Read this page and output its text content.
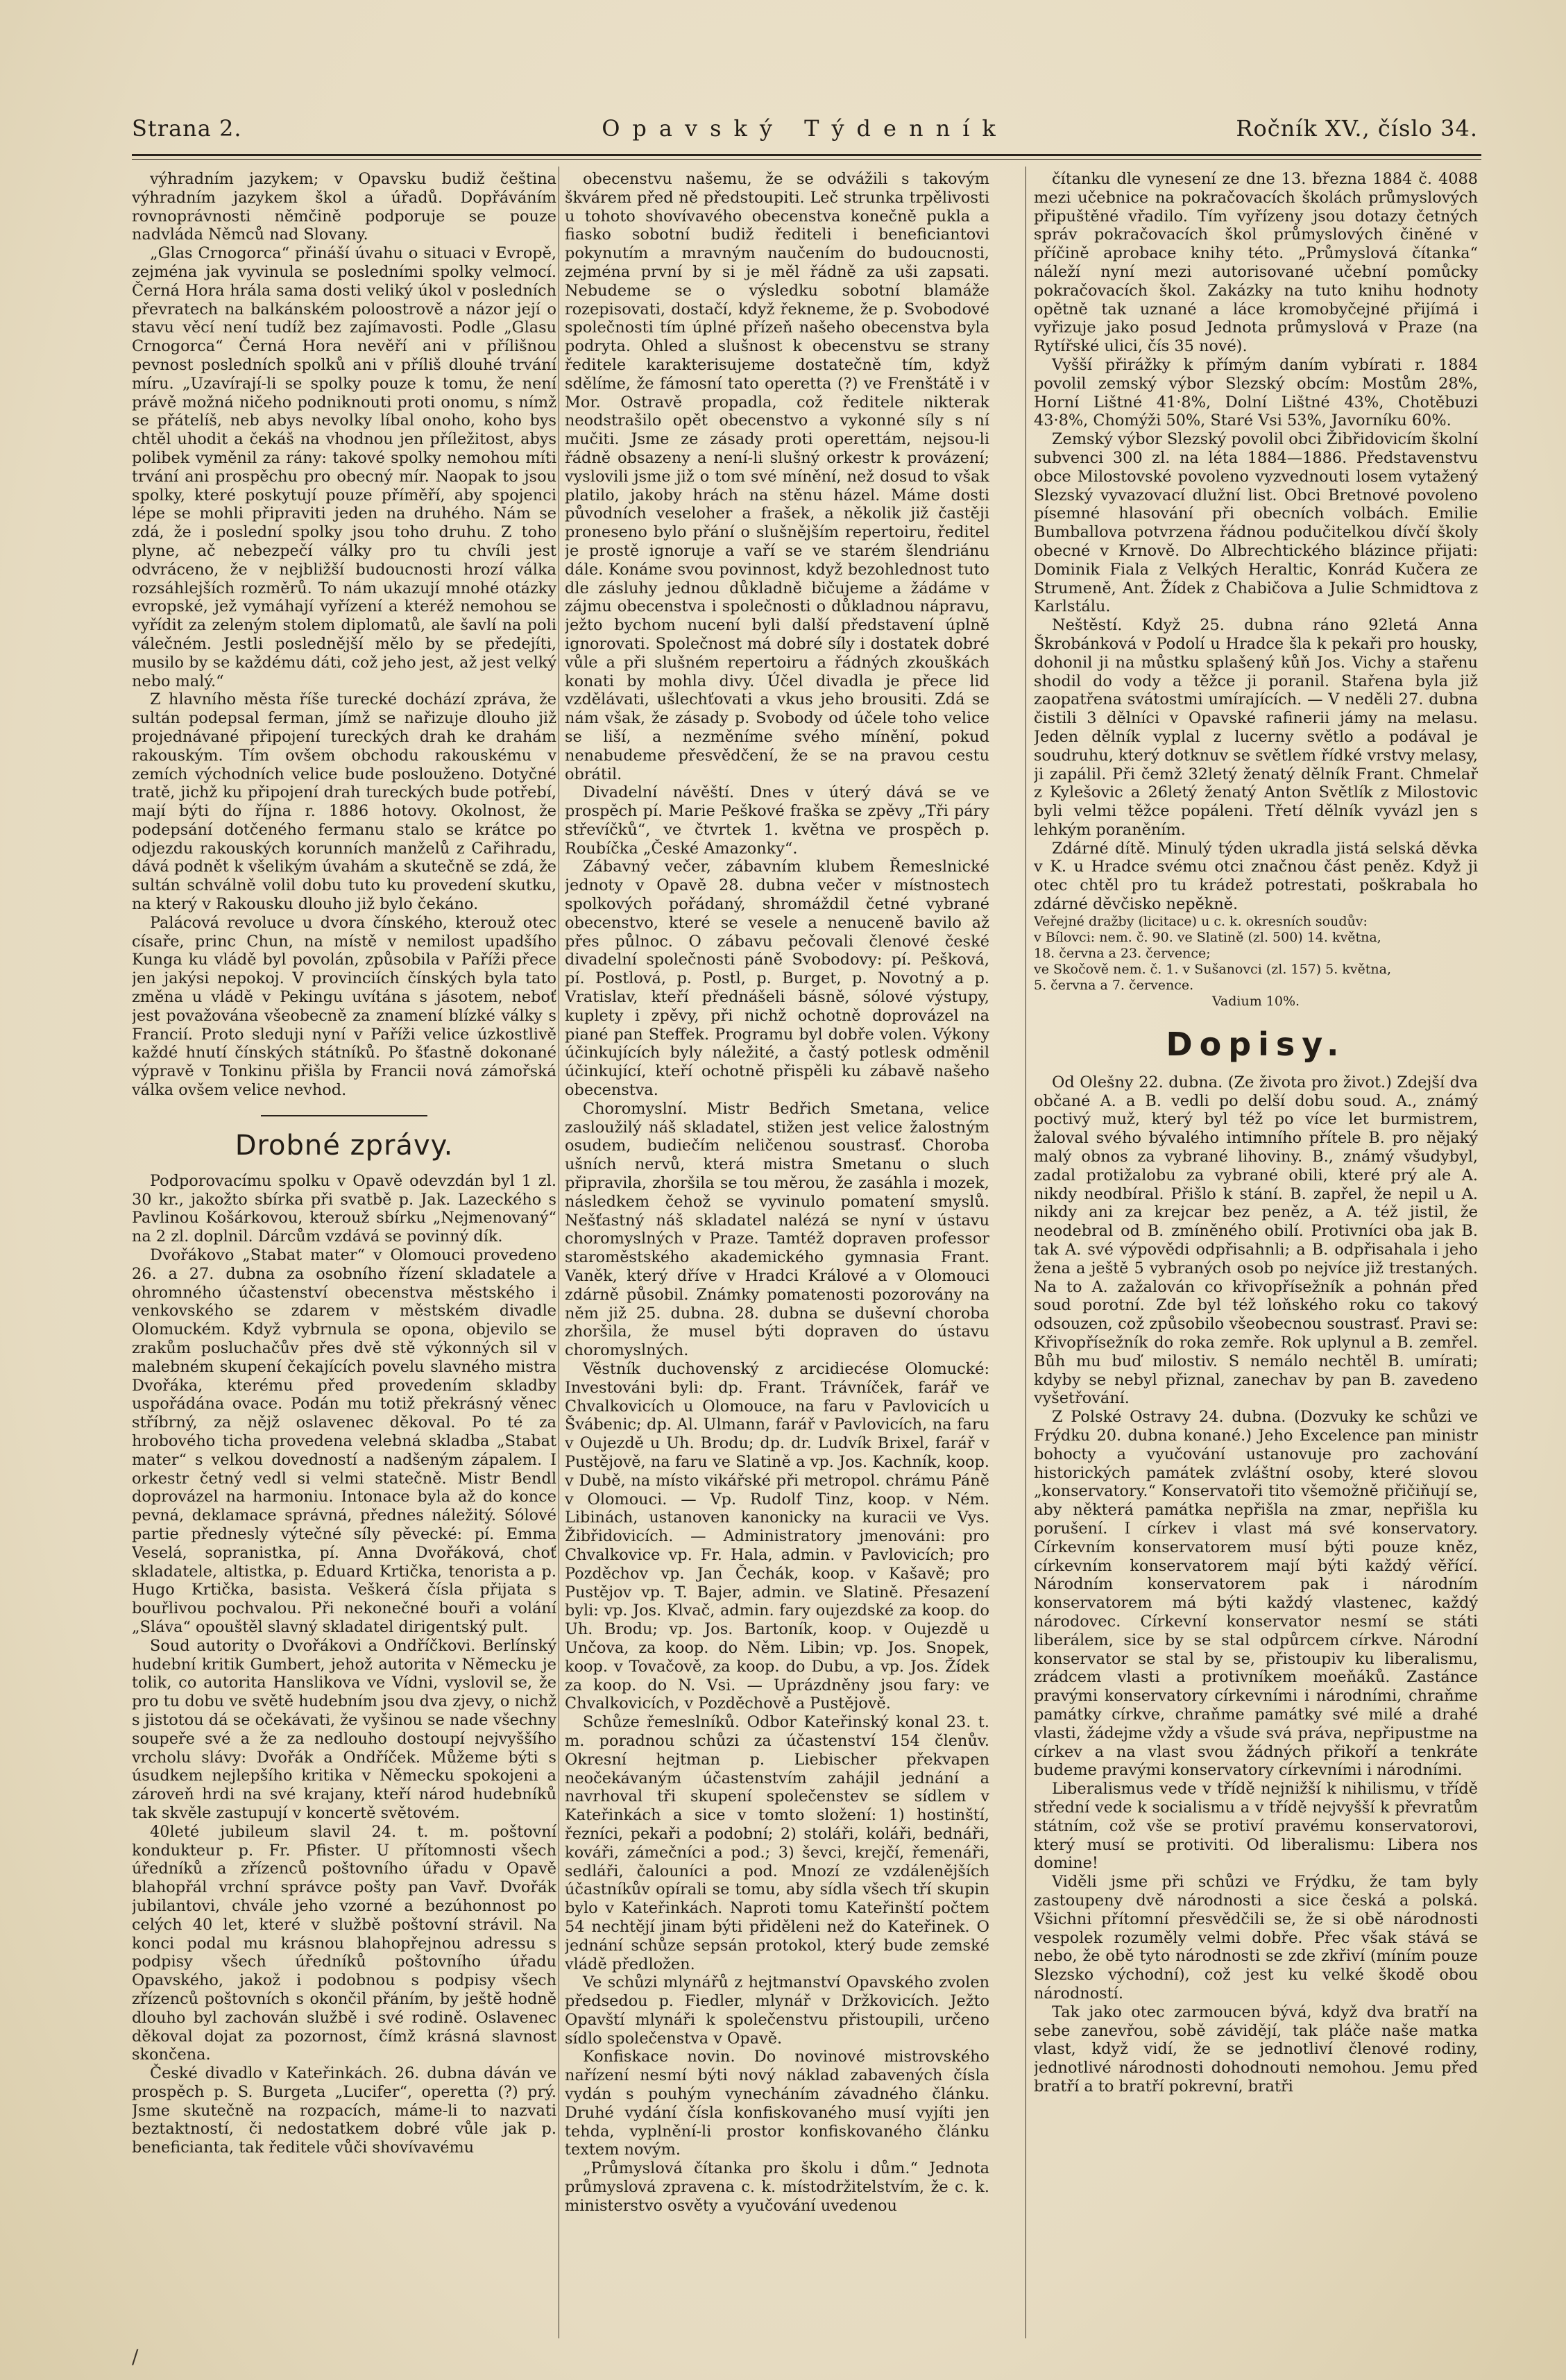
Strana 2.	Opavský Týdenník	Ročník XV., číslo 34.

výhradním jazykem; v Opavsku budiž čeština výhradním jazykem škol a úřadů. Dopřáváním rovnoprávnosti němčině podporuje se pouze nadvláda Němců nad Slovany.

„Glas Crnogorca“ přináší úvahu o situaci v Evropě, zejména jak vyvinula se posledními spolky velmocí. Černá Hora hrála sama dosti veliký úkol v posledních převratech na balkánském poloostrově a názor její o stavu věcí není tudíž bez zajímavosti. Podle „Glasu Crnogorca“ Černá Hora nevěří ani v přílišnou pevnost posledních spolků ani v příliš dlouhé trvání míru. „Uzavírají-li se spolky pouze k tomu, že není právě možná ničeho podniknouti proti onomu, s nímž se přátelíš, neb abys nevolky líbal onoho, koho bys chtěl uhodit a čekáš na vhodnou jen příležitost, abys polibek vyměnil za rány: takové spolky nemohou míti trvání ani prospěchu pro obecný mír. Naopak to jsou spolky, které poskytují pouze příměří, aby spojenci lépe se mohli připraviti jeden na druhého. Nám se zdá, že i poslední spolky jsou toho druhu. Z toho plyne, ač nebezpečí války pro tu chvíli jest odvráceno, že v nejbližší budoucnosti hrozí válka rozsáhlejších rozměrů. To nám ukazují mnohé otázky evropské, jež vymáhají vyřízení a kteréž nemohou se vyřídit za zeleným stolem diplomatů, ale šavlí na poli válečném. Jestli poslednější mělo by se předejíti, musilo by se každému dáti, což jeho jest, až jest velký nebo malý.“

Z hlavního města říše turecké dochází zpráva, že sultán podepsal ferman, jímž se nařizuje dlouho již projednávané připojení tureckých drah ke drahám rakouským. Tím ovšem obchodu rakouskému v zemích východních velice bude poslouženo. Dotyčné tratě, jichž ku připojení drah tureckých bude potřebí, mají býti do října r. 1886 hotovy. Okolnost, že podepsání dotčeného fermanu stalo se krátce po odjezdu rakouských korunních manželů z Cařihradu, dává podnět k všelikým úvahám a skutečně se zdá, že sultán schválně volil dobu tuto ku provedení skutku, na který v Rakousku dlouho již bylo čekáno.

Palácová revoluce u dvora čínského, kterouž otec císaře, princ Chun, na místě v nemilost upadšího Kunga ku vládě byl povolán, způsobila v Paříži přece jen jakýsi nepokoj. V provinciích čínských byla tato změna u vládě v Pekingu uvítána s jásotem, neboť jest považována všeobecně za znamení blízké války s Francií. Proto sleduji nyní v Paříži velice úzkostlivě každé hnutí čínských státníků. Po šťastně dokonané výpravě v Tonkinu přišla by Francii nová zámořská válka ovšem velice nevhod.

Drobné zprávy.

Podporovacímu spolku v Opavě odevzdán byl 1 zl. 30 kr., jakožto sbírka při svatbě p. Jak. Lazeckého s Pavlinou Košárkovou, kterouž sbírku „Nejmenovaný“ na 2 zl. doplnil. Dárcům vzdává se povinný dík.

Dvořákovo „Stabat mater“ v Olomouci provedeno 26. a 27. dubna za osobního řízení skladatele a ohromného účastenství obecenstva městského i venkovského se zdarem v městském divadle Olomuckém. Když vybrnula se opona, objevilo se zrakům posluchačův přes dvě stě výkonných sil v malebném skupení čekajících povelu slavného mistra Dvořáka, kterému před provedením skladby uspořádána ovace. Podán mu totiž překrásný věnec stříbrný, za nějž oslavenec děkoval. Po té za hrobového ticha provedena velebná skladba „Stabat mater“ s velkou dovedností a nadšeným zápalem. I orkestr četný vedl si velmi statečně. Mistr Bendl doprovázel na harmoniu. Intonace byla až do konce pevná, deklamace správná, přednes náležitý. Sólové partie přednesly výtečné síly pěvecké: pí. Emma Veselá, sopranistka, pí. Anna Dvořáková, choť skladatele, altistka, p. Eduard Krtička, tenorista a p. Hugo Krtička, basista. Veškerá čísla přijata s bouřlivou pochvalou. Při nekonečné bouři a volání „Sláva“ opouštěl slavný skladatel dirigentský pult.

Soud autority o Dvořákovi a Ondříčkovi. Berlínský hudební kritik Gumbert, jehož autorita v Německu je tolik, co autorita Hanslikova ve Vídni, vyslovil se, že pro tu dobu ve světě hudebním jsou dva zjevy, o nichž s jistotou dá se očekávati, že vyšinou se nade všechny soupeře své a že za nedlouho dostoupí nejvyššího vrcholu slávy: Dvořák a Ondříček. Můžeme býti s úsudkem nejlepšího kritika v Německu spokojeni a zároveň hrdi na své krajany, kteří národ hudebníků tak skvěle zastupují v koncertě světovém.

40leté jubileum slavil 24. t. m. poštovní kondukteur p. Fr. Pfister. U přítomnosti všech úředníků a zřízenců poštovního úřadu v Opavě blahopřál vrchní správce pošty pan Vavř. Dvořák jubilantovi, chvále jeho vzorné a bezúhonnost po celých 40 let, které v službě poštovní strávil. Na konci podal mu krásnou blahopřejnou adressu s podpisy všech úředníků poštovního úřadu Opavského, jakož i podobnou s podpisy všech zřízenců poštovních s okončil přáním, by ještě hodně dlouho byl zachován službě i své rodině. Oslavenec děkoval dojat za pozornost, čímž krásná slavnost skončena.

České divadlo v Kateřinkách. 26. dubna dáván ve prospěch p. S. Burgeta „Lucifer“, operetta (?) prý. Jsme skutečně na rozpacích, máme-li to nazvati beztaktností, či nedostatkem dobré vůle jak p. beneficianta, tak ředitele vůči shovívavému

obecenstvu našemu, že se odvážili s takovým škvárem před ně předstoupiti. Leč strunka trpělivosti u tohoto shovívavého obecenstva konečně pukla a fiasko sobotní budiž řediteli i beneficiantovi pokynutím a mravným naučením do budoucnosti, zejména první by si je měl řádně za uši zapsati. Nebudeme se o výsledku sobotní blamáže rozepisovati, dostačí, když řekneme, že p. Svobodové společnosti tím úplné přízeň našeho obecenstva byla podryta. Ohled a slušnost k obecenstvu se strany ředitele karakterisujeme dostatečně tím, když sdělíme, že fámosní tato operetta (?) ve Frenštátě i v Mor. Ostravě propadla, což ředitele nikterak neodstrašilo opět obecenstvo a vykonné síly s ní mučiti. Jsme ze zásady proti operettám, nejsou-li řádně obsazeny a není-li slušný orkestr k provázení; vyslovili jsme již o tom své mínění, než dosud to však platilo, jakoby hrách na stěnu házel. Máme dosti původních veseloher a frašek, a několik již častěji proneseno bylo přání o slušnějším repertoiru, ředitel je prostě ignoruje a vaří se ve starém šlendriánu dále. Konáme svou povinnost, když bezohlednost tuto dle zásluhy jednou důkladně bičujeme a žádáme v zájmu obecenstva i společnosti o důkladnou nápravu, ježto bychom nucení byli další představení úplně ignorovati. Společnost má dobré síly i dostatek dobré vůle a při slušném repertoiru a řádných zkouškách konati by mohla divy. Účel divadla je přece lid vzdělávati, ušlechťovati a vkus jeho brousiti. Zdá se nám však, že zásady p. Svobody od účele toho velice se liší, a nezměníme svého mínění, pokud nenabudeme přesvědčení, že se na pravou cestu obrátil.

Divadelní návěští. Dnes v úterý dává se ve prospěch pí. Marie Peškové fraška se zpěvy „Tři páry střevíčků“, ve čtvrtek 1. května ve prospěch p. Roubíčka „České Amazonky“.

Zábavný večer, zábavním klubem Řemeslnické jednoty v Opavě 28. dubna večer v místnostech spolkových pořádaný, shromáždil četné vybrané obecenstvo, které se vesele a nenuceně bavilo až přes půlnoc. O zábavu pečovali členové české divadelní společnosti páně Svobodovy: pí. Pešková, pí. Postlová, p. Postl, p. Burget, p. Novotný a p. Vratislav, kteří přednášeli básně, sólové výstupy, kuplety i zpěvy, při nichž ochotně doprovázel na piané pan Steffek. Programu byl dobře volen. Výkony účinkujících byly náležité, a častý potlesk odměnil účinkující, kteří ochotně přispěli ku zábavě našeho obecenstva.

Choromyslní. Mistr Bedřich Smetana, velice zasloužilý náš skladatel, stižen jest velice žalostným osudem, budiečím neličenou soustrasť. Choroba ušních nervů, která mistra Smetanu o sluch připravila, zhoršila se tou měrou, že zasáhla i mozek, následkem čehož se vyvinulo pomatení smyslů. Nešťastný náš skladatel nalézá se nyní v ústavu choromyslných v Praze. Tamtéž dopraven professor staroměstského akademického gymnasia Frant. Vaněk, který dříve v Hradci Králové a v Olomouci zdárně působil. Známky pomatenosti pozorovány na něm již 25. dubna. 28. dubna se duševní choroba zhoršila, že musel býti dopraven do ústavu choromyslných.

Věstník duchovenský z arcidiecése Olomucké: Investováni byli: dp. Frant. Trávníček, farář ve Chvalkovicích u Olomouce, na faru v Pavlovicích u Švábenic; dp. Al. Ulmann, farář v Pavlovicích, na faru v Oujezdě u Uh. Brodu; dp. dr. Ludvík Brixel, farář v Pustějově, na faru ve Slatině a vp. Jos. Kachník, koop. v Dubě, na místo vikářské při metropol. chrámu Páně v Olomouci. — Vp. Rudolf Tinz, koop. v Ném. Libinách, ustanoven kanonicky na kuracii ve Vys. Žibřidovicích. — Administratory jmenováni: pro Chvalkovice vp. Fr. Hala, admin. v Pavlovicích; pro Pozděchov vp. Jan Čechák, koop. v Kašavě; pro Pustějov vp. T. Bajer, admin. ve Slatině. Přesazení byli: vp. Jos. Klvač, admin. fary oujezdské za koop. do Uh. Brodu; vp. Jos. Bartoník, koop. v Oujezdě u Unčova, za koop. do Něm. Libin; vp. Jos. Snopek, koop. v Tovačově, za koop. do Dubu, a vp. Jos. Žídek za koop. do N. Vsi. — Uprázdněny jsou fary: ve Chvalkovicích, v Pozděchově a Pustějově.

Schůze řemeslníků. Odbor Kateřinský konal 23. t. m. poradnou schůzi za účastenství 154 členův. Okresní hejtman p. Liebischer překvapen neočekávaným účastenstvím zahájil jednání a navrhoval tři skupení společenstev se sídlem v Kateřinkách a sice v tomto složení: 1) hostinští, řezníci, pekaři a podobní; 2) stoláři, koláři, bednáři, kováři, zámečníci a pod.; 3) ševci, krejčí, řemenáři, sedláři, čalouníci a pod. Mnozí ze vzdálenějších účastníkův opírali se tomu, aby sídla všech tří skupin bylo v Kateřinkách. Naproti tomu Kateřinští počtem 54 nechtějí jinam býti přiděleni než do Kateřinek. O jednání schůze sepsán protokol, který bude zemské vládě předložen.

Ve schůzi mlynářů z hejtmanství Opavského zvolen předsedou p. Fiedler, mlynář v Držkovicích. Ježto Opavští mlynáři k společenstvu přistoupili, určeno sídlo společenstva v Opavě.

Konfiskace novin. Do novinové mistrovského nařízení nesmí býti nový náklad zabavených čísla vydán s pouhým vynecháním závadného článku. Druhé vydání čísla konfiskovaného musí vyjíti jen tehda, vyplnění-li prostor konfiskovaného článku textem novým.

„Průmyslová čítanka pro školu i dům.“ Jednota průmyslová zpravena c. k. místodržitelstvím, že c. k. ministerstvo osvěty a vyučování uvedenou

čítanku dle vynesení ze dne 13. března 1884 č. 4088 mezi učebnice na pokračovacích školách průmyslových připuštěné vřadilo. Tím vyřízeny jsou dotazy četných správ pokračovacích škol průmyslových činěné v příčině aprobace knihy této. „Průmyslová čítanka“ náleží nyní mezi autorisované učební pomůcky pokračovacích škol. Zakázky na tuto knihu hodnoty opětně tak uznané a láce kromobyčejné přijímá i vyřizuje jako posud Jednota průmyslová v Praze (na Rytířské ulici, čís 35 nové).

Vyšší přirážky k přímým daním vybírati r. 1884 povolil zemský výbor Slezský obcím: Mostům 28%, Horní Lištné 41·8%, Dolní Lištné 43%, Chotěbuzi 43·8%, Chomýži 50%, Staré Vsi 53%, Javorníku 60%.

Zemský výbor Slezský povolil obci Žibřidovicím školní subvenci 300 zl. na léta 1884—1886. Představenstvu obce Milostovské povoleno vyzvednouti losem vytažený Slezský vyvazovací dlužní list. Obci Bretnové povoleno písemné hlasování při obecních volbách. Emilie Bumballova potvrzena řádnou podučitelkou dívčí školy obecné v Krnově. Do Albrechtického blázince přijati: Dominik Fiala z Velkých Heraltic, Konrád Kučera ze Strumeně, Ant. Žídek z Chabičova a Julie Schmidtova z Karlstálu.

Neštěstí. Když 25. dubna ráno 92letá Anna Škrobánková v Podolí u Hradce šla k pekaři pro housky, dohonil ji na můstku splašený kůň Jos. Vichy a stařenu shodil do vody a těžce ji poranil. Stařena byla již zaopatřena svátostmi umírajících. — V neděli 27. dubna čistili 3 dělníci v Opavské rafinerii jámy na melasu. Jeden dělník vyplal z lucerny světlo a podával je soudruhu, který dotknuv se světlem řídké vrstvy melasy, ji zapálil. Při čemž 32letý ženatý dělník Frant. Chmelař z Kylešovic a 26letý ženatý Anton Světlík z Milostovic byli velmi těžce popáleni. Třetí dělník vyvázl jen s lehkým poraněním.

Zdárné dítě. Minulý týden ukradla jistá selská děvka v K. u Hradce svému otci značnou část peněz. Když ji otec chtěl pro tu krádež potrestati, poškrabala ho zdárné děvčisko nepěkně.

Veřejné dražby (licitace) u c. k. okresních soudův:
v Bílovci: nem. č. 90. ve Slatině (zl. 500) 14. května,
18. června a 23. července;
ve Skočově nem. č. 1. v Sušanovci (zl. 157) 5. května,
5. června a 7. července.
Vadium 10%.
Dopisy.

Od Olešny 22. dubna. (Ze života pro život.) Zdejší dva občané A. a B. vedli po delší dobu soud. A., známý poctivý muž, který byl též po více let burmistrem, žaloval svého bývalého intimního přítele B. pro nějaký malý obnos za vybrané lihoviny. B., známý všudybyl, zadal protižalobu za vybrané obili, které prý ale A. nikdy neodbíral. Přišlo k stání. B. zapřel, že nepil u A. nikdy ani za krejcar bez peněz, a A. též jistil, že neodebral od B. zmíněného obilí. Protivníci oba jak B. tak A. své výpovědi odpřisahnli; a B. odpřisahala i jeho žena a ještě 5 vybraných osob po nejvíce již trestaných. Na to A. zažalován co křivopřísežník a pohnán před soud porotní. Zde byl též loňského roku co takový odsouzen, což způsobilo všeobecnou soustrasť. Pravi se: Křivopřísežník do roka zemře. Rok uplynul a B. zemřel. Bůh mu buď milostiv. S nemálo nechtěl B. umírati; kdyby se nebyl přiznal, zanechav by pan B. zavedeno vyšetřování.

Z Polské Ostravy 24. dubna. (Dozvuky ke schůzi ve Frýdku 20. dubna konané.) Jeho Excelence pan ministr bohocty a vyučování ustanovuje pro zachování historických památek zvláštní osoby, které slovou „konservatory.“ Konservatoři tito všemožně přičiňují se, aby některá památka nepřišla na zmar, nepřišla ku porušení. I církev i vlast má své konservatory. Církevním konservatorem musí býti pouze kněz, církevním konservatorem mají býti každý věřící. Národním konservatorem pak i národním konservatorem má býti každý vlastenec, každý národovec. Církevní konservator nesmí se státi liberálem, sice by se stal odpůrcem církve. Národní konservator se stal by se, přistoupiv ku liberalismu, zrádcem vlasti a protivníkem moeňáků. Zastánce pravými konservatory církevními i národními, chraňme památky církve, chraňme památky své milé a drahé vlasti, žádejme vždy a všude svá práva, nepřipustme na církev a na vlast svou žádných přikoří a tenkráte budeme pravými konservatory církevními i národními.

Liberalismus vede v třídě nejnižší k nihilismu, v třídě střední vede k socialismu a v třídě nejvyšší k převratům státním, což vše se protiví pravému konservatorovi, který musí se protiviti. Od liberalismu: Libera nos domine!

Viděli jsme při schůzi ve Frýdku, že tam byly zastoupeny dvě národnosti a sice česká a polská. Všichni přítomní přesvědčili se, že si obě národnosti vespolek rozuměly velmi dobře. Přec však stává se nebo, že obě tyto národnosti se zde zkřiví (míním pouze Slezsko východní), což jest ku velké škodě obou národností.

Tak jako otec zarmoucen bývá, když dva bratří na sebe zanevřou, sobě závidějí, tak pláče naše matka vlast, když vidí, že se jednotliví členové rodiny, jednotlivé národnosti dohodnouti nemohou. Jemu před bratří a to bratří pokrevní, bratři

/
